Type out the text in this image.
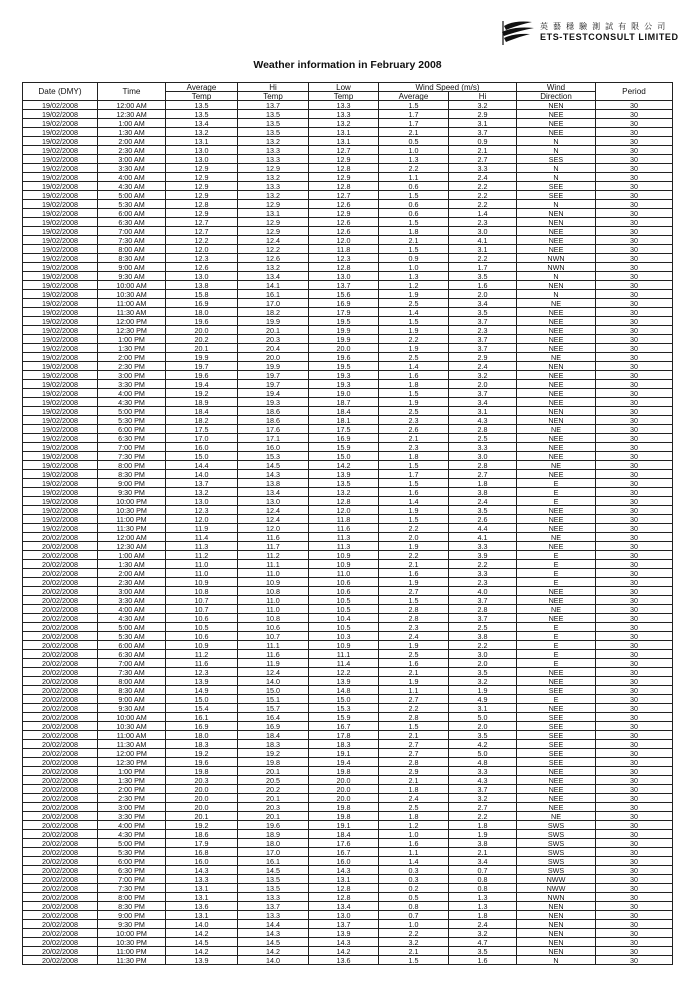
英 藝 穩 驗 測 試 有 限 公 司
ETS-TESTCONSULT LIMITED
Weather information in February 2008
Date (DMY)	Time	Average	Hi	Low	Wind Speed (m/s)		Wind	Period
		Temp	Temp	Temp	Average	Hi	Direction	
19/02/2008	12:00 AM	13.5	13.7	13.3	1.5	3.2	NEN	30
19/02/2008	12:30 AM	13.5	13.5	13.3	1.7	2.9	NEE	30
19/02/2008	1:00 AM	13.4	13.5	13.2	1.7	3.1	NEE	30
19/02/2008	1:30 AM	13.2	13.5	13.1	2.1	3.7	NEE	30
19/02/2008	2:00 AM	13.1	13.2	13.1	0.5	0.9	N	30
19/02/2008	2:30 AM	13.0	13.3	12.7	1.0	2.1	N	30
19/02/2008	3:00 AM	13.0	13.3	12.9	1.3	2.7	SES	30
19/02/2008	3:30 AM	12.9	12.9	12.8	2.2	3.3	N	30
19/02/2008	4:00 AM	12.9	13.2	12.9	1.1	2.4	N	30
19/02/2008	4:30 AM	12.9	13.3	12.8	0.6	2.2	SEE	30
19/02/2008	5:00 AM	12.9	13.2	12.7	1.5	2.2	SEE	30
19/02/2008	5:30 AM	12.8	12.9	12.6	0.6	2.2	N	30
19/02/2008	6:00 AM	12.9	13.1	12.9	0.6	1.4	NEN	30
19/02/2008	6:30 AM	12.7	12.9	12.6	1.5	2.3	NEN	30
19/02/2008	7:00 AM	12.7	12.9	12.6	1.8	3.0	NEE	30
19/02/2008	7:30 AM	12.2	12.4	12.0	2.1	4.1	NEE	30
19/02/2008	8:00 AM	12.0	12.2	11.8	1.5	3.1	NEE	30
19/02/2008	8:30 AM	12.3	12.6	12.3	0.9	2.2	NWN	30
19/02/2008	9:00 AM	12.6	13.2	12.8	1.0	1.7	NWN	30
19/02/2008	9:30 AM	13.0	13.4	13.0	1.3	3.5	N	30
19/02/2008	10:00 AM	13.8	14.1	13.7	1.2	1.6	NEN	30
19/02/2008	10:30 AM	15.8	16.1	15.6	1.9	2.0	N	30
19/02/2008	11:00 AM	16.9	17.0	16.9	2.5	3.4	NE	30
19/02/2008	11:30 AM	18.0	18.2	17.9	1.4	3.5	NEE	30
19/02/2008	12:00 PM	19.6	19.9	19.5	1.5	3.7	NEE	30
19/02/2008	12:30 PM	20.0	20.1	19.9	1.9	2.3	NEE	30
19/02/2008	1:00 PM	20.2	20.3	19.9	2.2	3.7	NEE	30
19/02/2008	1:30 PM	20.1	20.4	20.0	1.9	3.7	NEE	30
19/02/2008	2:00 PM	19.9	20.0	19.6	2.5	2.9	NE	30
19/02/2008	2:30 PM	19.7	19.9	19.5	1.4	2.4	NEN	30
19/02/2008	3:00 PM	19.6	19.7	19.3	1.6	3.2	NEE	30
19/02/2008	3:30 PM	19.4	19.7	19.3	1.8	2.0	NEE	30
19/02/2008	4:00 PM	19.2	19.4	19.0	1.5	3.7	NEE	30
19/02/2008	4:30 PM	18.9	19.3	18.7	1.9	3.4	NEE	30
19/02/2008	5:00 PM	18.4	18.6	18.4	2.5	3.1	NEN	30
19/02/2008	5:30 PM	18.2	18.6	18.1	2.3	4.3	NEN	30
19/02/2008	6:00 PM	17.5	17.6	17.5	2.6	2.8	NE	30
19/02/2008	6:30 PM	17.0	17.1	16.9	2.1	2.5	NEE	30
19/02/2008	7:00 PM	16.0	16.0	15.9	2.3	3.3	NEE	30
19/02/2008	7:30 PM	15.0	15.3	15.0	1.8	3.0	NEE	30
19/02/2008	8:00 PM	14.4	14.5	14.2	1.5	2.8	NE	30
19/02/2008	8:30 PM	14.0	14.3	13.9	1.7	2.7	NEE	30
19/02/2008	9:00 PM	13.7	13.8	13.5	1.5	1.8	E	30
19/02/2008	9:30 PM	13.2	13.4	13.2	1.6	3.8	E	30
19/02/2008	10:00 PM	13.0	13.0	12.8	1.4	2.4	E	30
19/02/2008	10:30 PM	12.3	12.4	12.0	1.9	3.5	NEE	30
19/02/2008	11:00 PM	12.0	12.4	11.8	1.5	2.6	NEE	30
19/02/2008	11:30 PM	11.9	12.0	11.6	2.2	4.4	NEE	30
20/02/2008	12:00 AM	11.4	11.6	11.3	2.0	4.1	NE	30
20/02/2008	12:30 AM	11.3	11.7	11.3	1.9	3.3	NEE	30
20/02/2008	1:00 AM	11.2	11.2	10.9	2.2	3.9	E	30
20/02/2008	1:30 AM	11.0	11.1	10.9	2.1	2.2	E	30
20/02/2008	2:00 AM	11.0	11.0	11.0	1.6	3.3	E	30
20/02/2008	2:30 AM	10.9	10.9	10.6	1.9	2.3	E	30
20/02/2008	3:00 AM	10.8	10.8	10.6	2.7	4.0	NEE	30
20/02/2008	3:30 AM	10.7	11.0	10.5	1.5	3.7	NEE	30
20/02/2008	4:00 AM	10.7	11.0	10.5	2.8	2.8	NE	30
20/02/2008	4:30 AM	10.6	10.8	10.4	2.8	3.7	NEE	30
20/02/2008	5:00 AM	10.5	10.6	10.5	2.3	2.5	E	30
20/02/2008	5:30 AM	10.6	10.7	10.3	2.4	3.8	E	30
20/02/2008	6:00 AM	10.9	11.1	10.9	1.9	2.2	E	30
20/02/2008	6:30 AM	11.2	11.6	11.1	2.5	3.0	E	30
20/02/2008	7:00 AM	11.6	11.9	11.4	1.6	2.0	E	30
20/02/2008	7:30 AM	12.3	12.4	12.2	2.1	3.5	NEE	30
20/02/2008	8:00 AM	13.9	14.0	13.9	1.9	3.2	NEE	30
20/02/2008	8:30 AM	14.9	15.0	14.8	1.1	1.9	SEE	30
20/02/2008	9:00 AM	15.0	15.1	15.0	2.7	4.9	E	30
20/02/2008	9:30 AM	15.4	15.7	15.3	2.2	3.1	NEE	30
20/02/2008	10:00 AM	16.1	16.4	15.9	2.8	5.0	SEE	30
20/02/2008	10:30 AM	16.9	16.9	16.7	1.5	2.0	SEE	30
20/02/2008	11:00 AM	18.0	18.4	17.8	2.1	3.5	SEE	30
20/02/2008	11:30 AM	18.3	18.3	18.3	2.7	4.2	SEE	30
20/02/2008	12:00 PM	19.2	19.2	19.1	2.7	5.0	SEE	30
20/02/2008	12:30 PM	19.6	19.8	19.4	2.8	4.8	SEE	30
20/02/2008	1:00 PM	19.8	20.1	19.8	2.9	3.3	NEE	30
20/02/2008	1:30 PM	20.3	20.5	20.0	2.1	4.3	NEE	30
20/02/2008	2:00 PM	20.0	20.2	20.0	1.8	3.7	NEE	30
20/02/2008	2:30 PM	20.0	20.1	20.0	2.4	3.2	NEE	30
20/02/2008	3:00 PM	20.0	20.3	19.8	2.5	2.7	NEE	30
20/02/2008	3:30 PM	20.1	20.1	19.8	1.8	2.2	NE	30
20/02/2008	4:00 PM	19.2	19.6	19.1	1.2	1.8	SWS	30
20/02/2008	4:30 PM	18.6	18.9	18.4	1.0	1.9	SWS	30
20/02/2008	5:00 PM	17.9	18.0	17.6	1.6	3.8	SWS	30
20/02/2008	5:30 PM	16.8	17.0	16.7	1.1	2.1	SWS	30
20/02/2008	6:00 PM	16.0	16.1	16.0	1.4	3.4	SWS	30
20/02/2008	6:30 PM	14.3	14.5	14.3	0.3	0.7	SWS	30
20/02/2008	7:00 PM	13.3	13.5	13.1	0.3	0.8	NWW	30
20/02/2008	7:30 PM	13.1	13.5	12.8	0.2	0.8	NWW	30
20/02/2008	8:00 PM	13.1	13.3	12.8	0.5	1.3	NWN	30
20/02/2008	8:30 PM	13.6	13.7	13.4	0.8	1.3	NEN	30
20/02/2008	9:00 PM	13.1	13.3	13.0	0.7	1.8	NEN	30
20/02/2008	9:30 PM	14.0	14.4	13.7	1.0	2.4	NEN	30
20/02/2008	10:00 PM	14.2	14.3	13.9	2.2	3.2	NEN	30
20/02/2008	10:30 PM	14.5	14.5	14.3	3.2	4.7	NEN	30
20/02/2008	11:00 PM	14.2	14.2	14.2	2.1	3.5	NEN	30
20/02/2008	11:30 PM	13.9	14.0	13.6	1.5	1.6	N	30
